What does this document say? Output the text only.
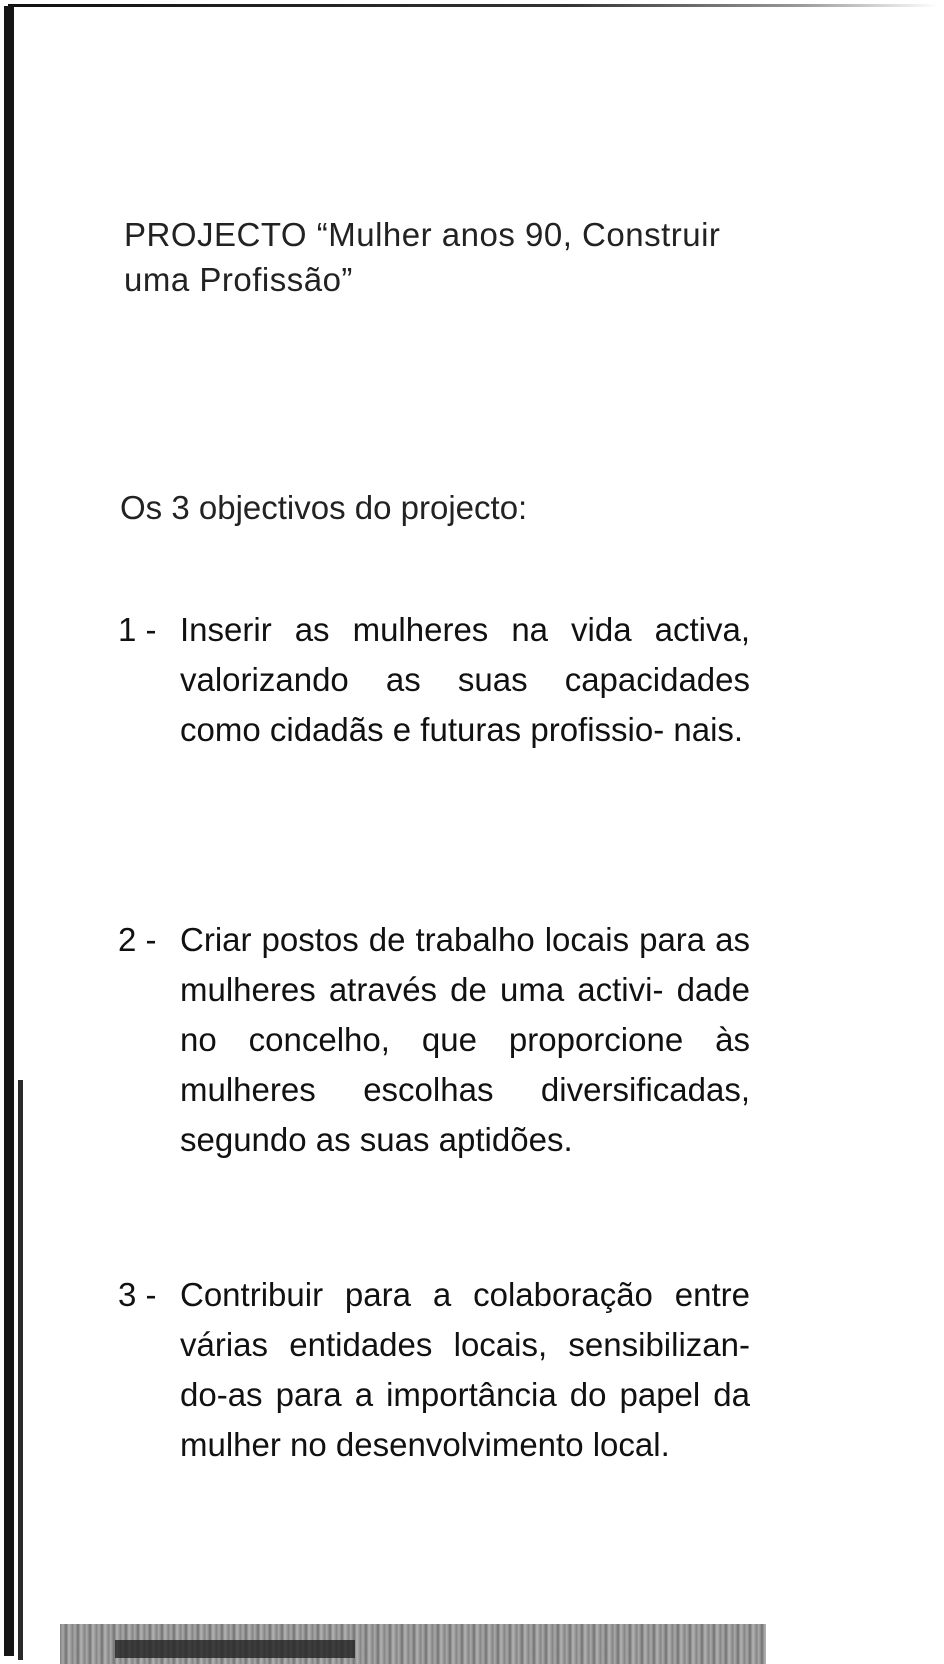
PROJECTO “Mulher anos 90, Construir
uma Profissão”
Os 3 objectivos do projecto:
1 - Inserir as mulheres na vida activa, valorizando as suas capacidades como cidadãs e futuras profissio- nais.
2 - Criar postos de trabalho locais para as mulheres através de uma activi- dade no concelho, que proporcione às mulheres escolhas diversificadas, segundo as suas aptidões.
3 - Contribuir para a colaboração entre várias entidades locais, sensibilizan- do-as para a importância do papel da mulher no desenvolvimento local.
